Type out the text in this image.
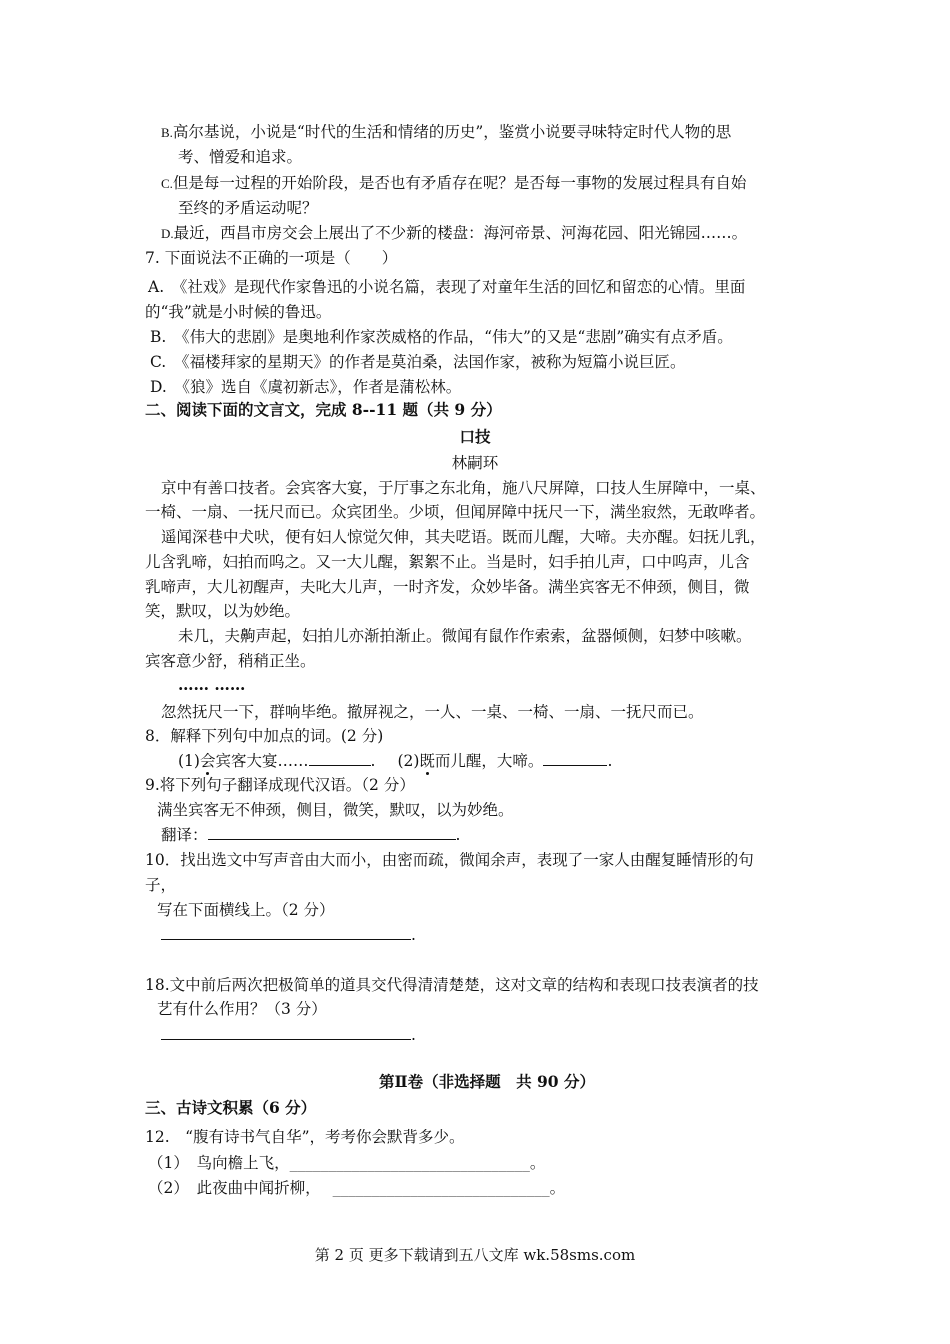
B.高尔基说，小说是“时代的生活和情绪的历史”，鉴赏小说要寻味特定时代人物的思
考、憎爱和追求。
C.但是每一过程的开始阶段，是否也有矛盾存在呢？是否每一事物的发展过程具有自始
至终的矛盾运动呢？
D.最近，西昌市房交会上展出了不少新的楼盘：海河帝景、河海花园、阳光锦园……。
7. 下面说法不正确的一项是（　　）
A.　《社戏》是现代作家鲁迅的小说名篇，表现了对童年生活的回忆和留恋的心情。里面
的“我”就是小时候的鲁迅。
B.　《伟大的悲剧》是奥地利作家茨威格的作品，“伟大”的又是“悲剧”确实有点矛盾。
C.　《福楼拜家的星期天》的作者是莫泊桑，法国作家，被称为短篇小说巨匠。
D.　《狼》选自《虞初新志》，作者是蒲松林。
二、阅读下面的文言文，完成 8--11 题（共 9 分）
口技
林嗣环
京中有善口技者。会宾客大宴，于厅事之东北角，施八尺屏障，口技人生屏障中，一桌、
一椅、一扇、一抚尺而已。众宾团坐。少顷，但闻屏障中抚尺一下，满坐寂然，无敢哗者。
遥闻深巷中犬吠，便有妇人惊觉欠伸，其夫呓语。既而儿醒，大啼。夫亦醒。妇抚儿乳，
儿含乳啼，妇拍而呜之。又一大儿醒，絮絮不止。当是时，妇手拍儿声，口中呜声，儿含
乳啼声，大儿初醒声，夫叱大儿声，一时齐发，众妙毕备。满坐宾客无不伸颈，侧目，微
笑，默叹，以为妙绝。
未几，夫齁声起，妇拍儿亦渐拍渐止。微闻有鼠作作索索，盆器倾侧，妇梦中咳嗽。
宾客意少舒，稍稍正坐。
…… ……
忽然抚尺一下，群响毕绝。撤屏视之，一人、一桌、一椅、一扇、一抚尺而已。
8．解释下列句中加点的词。(2 分)
(1)会宾客大宴……	. (2)既而儿醒，大啼。	.
9.将下列句子翻译成现代汉语。（2 分）
满坐宾客无不伸颈，侧目，微笑，默叹，以为妙绝。
翻译：	.
10．找出选文中写声音由大而小，由密而疏，微闻余声，表现了一家人由醒复睡情形的句
子，
写在下面横线上。（2 分）
.
18.文中前后两次把极简单的道具交代得清清楚楚，这对文章的结构和表现口技表演者的技
艺有什么作用？（3 分）
.
第Ⅱ卷（非选择题　共 90 分）
三、古诗文积累（6 分）
12.　“腹有诗书气自华”，考考你会默背多少。
（1）　鸟向檐上飞，_______________________________。
（2）　此夜曲中闻折柳， ____________________________。
第 2 页 更多下载请到五八文库 wk.58sms.com
